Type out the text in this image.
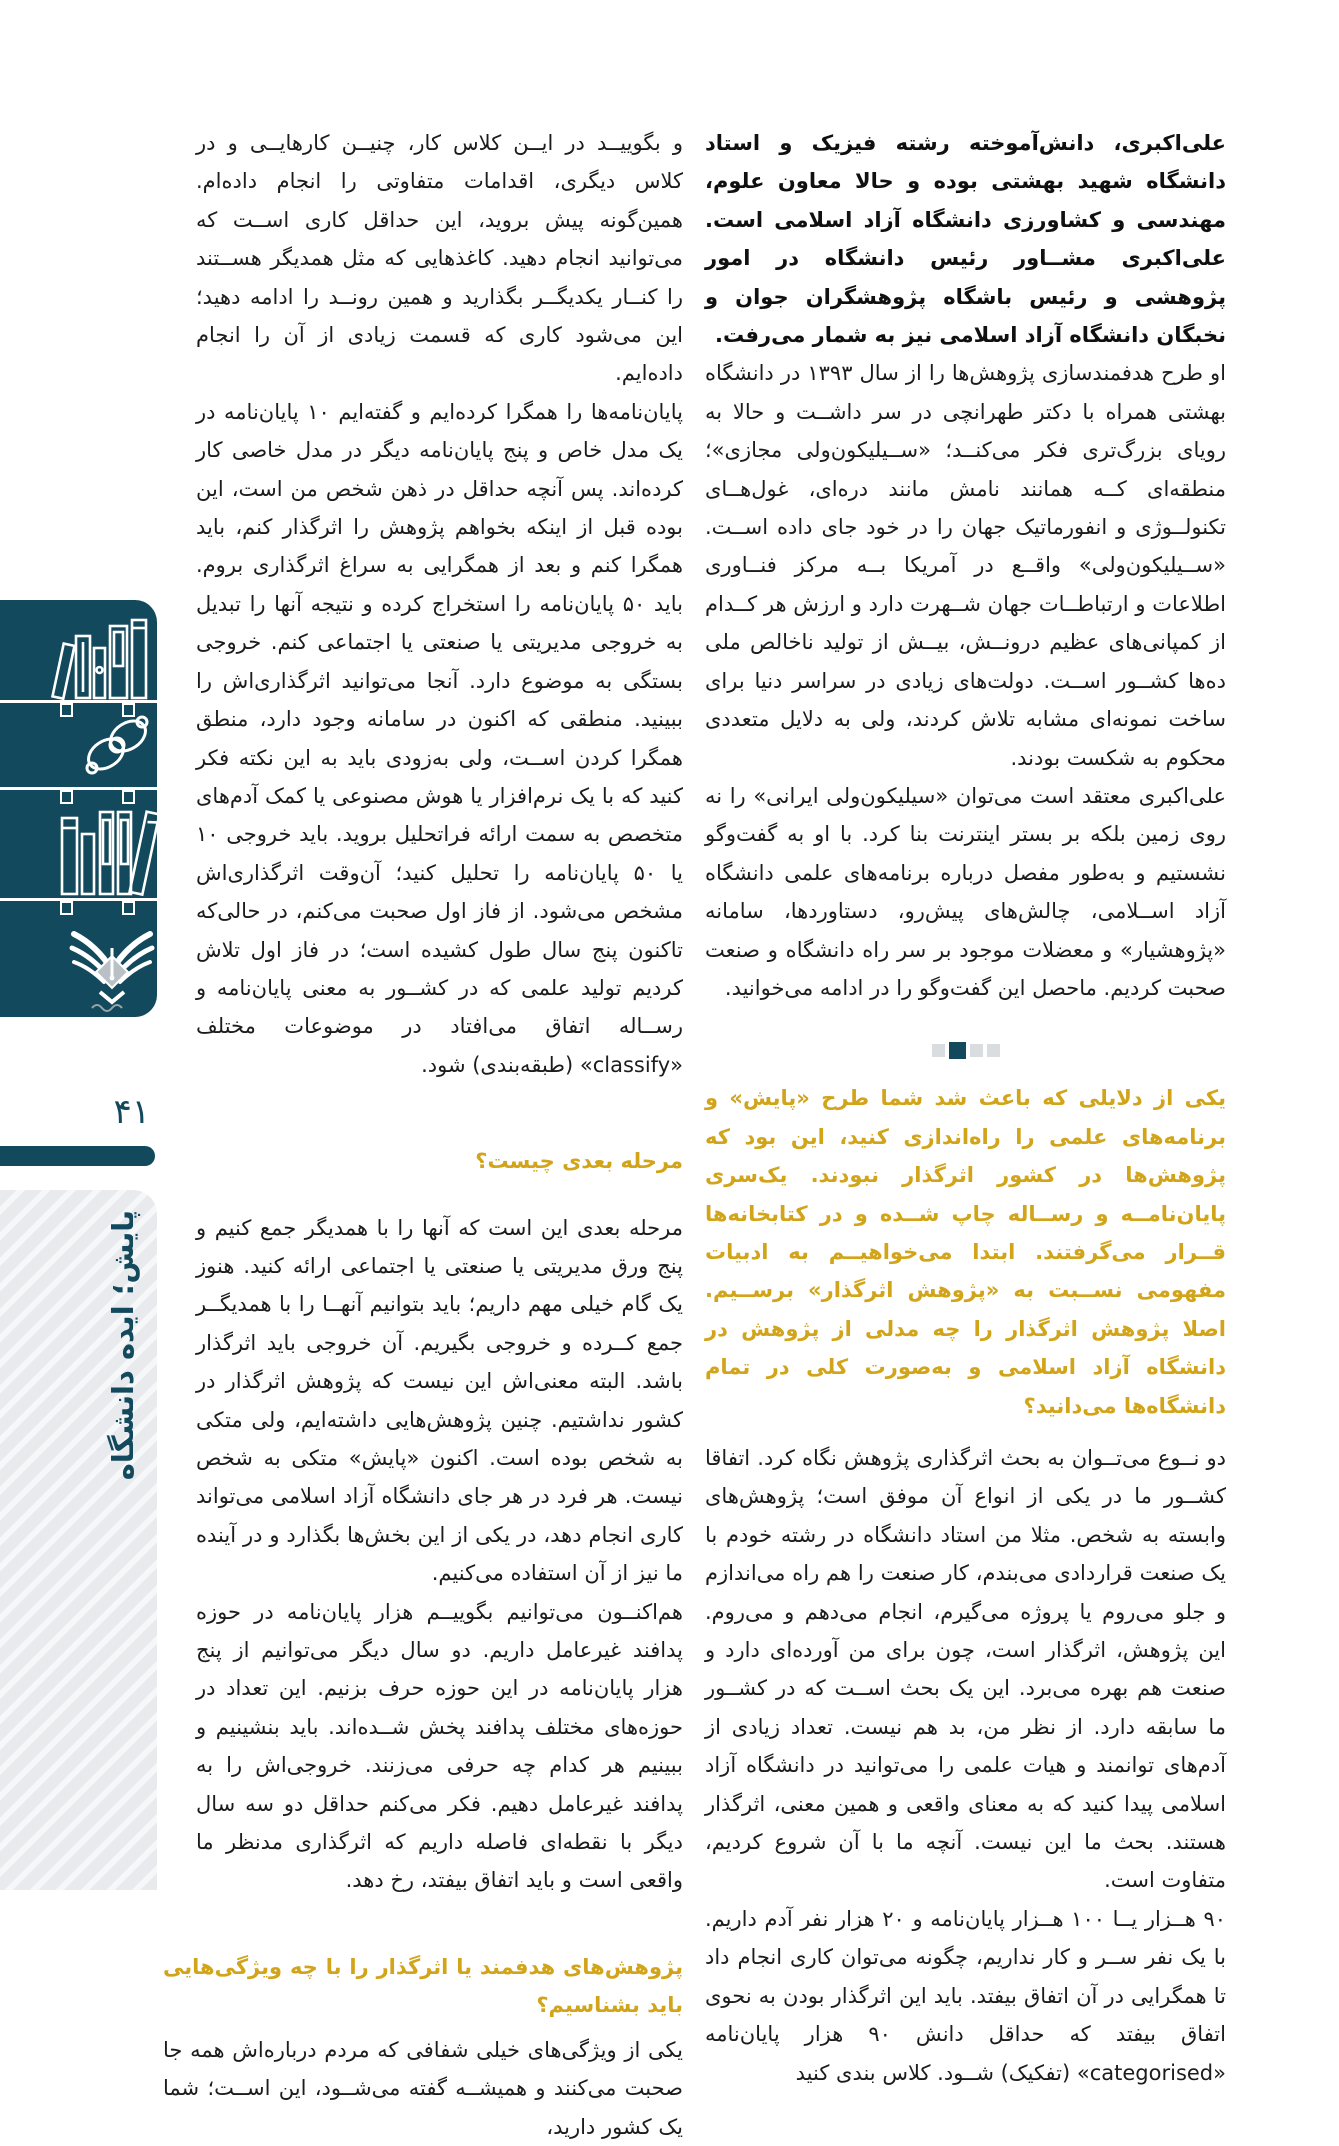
و بگوییــد در ایــن کلاس کار، چنیــن کارهایــی و در کلاس دیگری، اقدامات متفاوتی را انجام داده‌ام. همین‌گونه پیش بروید، این حداقل کاری اســت که می‌توانید انجام دهید. کاغذهایی که مثل همدیگر هســتند را کنــار یکدیگــر بگذارید و همین رونــد را ادامه دهید؛ این می‌شود کاری که قسمت زیادی از آن را انجام داده‌ایم.

پایان‌نامه‌ها را همگرا کرده‌ایم و گفته‌ایم ۱۰ پایان‌نامه در یک مدل خاص و پنج پایان‌نامه دیگر در مدل خاصی کار کرده‌اند. پس آنچه حداقل در ذهن شخص من است، این بوده قبل از اینکه بخواهم پژوهش را اثرگذار کنم، باید همگرا کنم و بعد از همگرایی به سراغ اثرگذاری بروم. باید ۵۰ پایان‌نامه را استخراج کرده و نتیجه آنها را تبدیل به خروجی مدیریتی یا صنعتی یا اجتماعی کنم. خروجی بستگی به موضوع دارد. آنجا می‌توانید اثرگذاری‌اش را ببینید. منطقی که اکنون در سامانه وجود دارد، منطق همگرا کردن اســت، ولی به‌زودی باید به این نکته فکر کنید که با یک نرم‌افزار یا هوش مصنوعی یا کمک آدم‌های متخصص به سمت ارائه فراتحلیل بروید. باید خروجی ۱۰ یا ۵۰ پایان‌نامه را تحلیل کنید؛ آن‌وقت اثرگذاری‌اش مشخص می‌شود. از فاز اول صحبت می‌کنم، در حالی‌که تاکنون پنج سال طول کشیده است؛ در فاز اول تلاش کردیم تولید علمی که در کشــور به معنی پایان‌نامه و رســاله اتفاق می‌افتاد در موضوعات مختلف «classify» (طبقه‌بندی) شود.

مرحله بعدی چیست؟

مرحله بعدی این است که آنها را با همدیگر جمع کنیم و پنج ورق مدیریتی یا صنعتی یا اجتماعی ارائه کنید. هنوز یک گام خیلی مهم داریم؛ باید بتوانیم آنهــا را با همدیگــر جمع کــرده و خروجی بگیریم. آن خروجی باید اثرگذار باشد. البته معنی‌اش این نیست که پژوهش اثرگذار در کشور نداشتیم. چنین پژوهش‌هایی داشته‌ایم، ولی متکی به شخص بوده است. اکنون «پایش» متکی به شخص نیست. هر فرد در هر جای دانشگاه آزاد اسلامی می‌تواند کاری انجام دهد، در یکی از این بخش‌ها بگذارد و در آینده ما نیز از آن استفاده می‌کنیم.

هم‌اکنــون می‌توانیم بگوییــم هزار پایان‌نامه در حوزه پدافند غیرعامل داریم. دو سال دیگر می‌توانیم از پنج هزار پایان‌نامه در این حوزه حرف بزنیم. این تعداد در حوزه‌های مختلف پدافند پخش شــده‌اند. باید بنشینیم و ببینیم هر کدام چه حرفی می‌زنند. خروجی‌اش را به پدافند غیرعامل دهیم. فکر می‌کنم حداقل دو سه سال دیگر با نقطه‌ای فاصله داریم که اثرگذاری مدنظر ما واقعی است و باید اتفاق بیفتد، رخ دهد.

پژوهش‌های هدفمند یا اثرگذار را با چه ویژگی‌هایی باید بشناسیم؟

یکی از ویژگی‌های خیلی شفافی که مردم درباره‌اش همه جا صحبت می‌کنند و همیشــه گفته می‌شــود، این اســت؛ شما یک کشور دارید،

علی‌اکبری، دانش‌آموخته رشته فیزیک و استاد دانشگاه شهید بهشتی بوده و حالا معاون علوم، مهندسی و کشاورزی دانشگاه آزاد اسلامی است. علی‌اکبری مشــاور رئیس دانشگاه در امور پژوهشی و رئیس باشگاه پژوهشگران جوان و نخبگان دانشگاه آزاد اسلامی نیز به شمار می‌رفت.

او طرح هدفمندسازی پژوهش‌ها را از سال ۱۳۹۳ در دانشگاه بهشتی همراه با دکتر طهرانچی در سر داشــت و حالا به رویای بزرگ‌تری فکر می‌کنــد؛ «ســیلیکون‌ولی مجازی»؛ منطقه‌ای کــه همانند نامش مانند دره‌ای، غول‌هــای تکنولــوژی و انفورماتیک جهان را در خود جای داده اســت. «ســیلیکون‌ولی» واقــع در آمریکا بــه مرکز فنــاوری اطلاعات و ارتباطــات جهان شــهرت دارد و ارزش هر کــدام از کمپانی‌های عظیم درونــش، بیــش از تولید ناخالص ملی ده‌ها کشــور اســت. دولت‌های زیادی در سراسر دنیا برای ساخت نمونه‌ای مشابه تلاش کردند، ولی به دلایل متعددی محکوم به شکست بودند.

علی‌اکبری معتقد است می‌توان «سیلیکون‌ولی ایرانی» را نه روی زمین بلکه بر بستر اینترنت بنا کرد. با او به گفت‌وگو نشستیم و به‌طور مفصل درباره برنامه‌های علمی دانشگاه آزاد اســلامی، چالش‌های پیش‌رو، دستاوردها، سامانه «پژوهشیار» و معضلات موجود بر سر راه دانشگاه و صنعت صحبت کردیم. ماحصل این گفت‌وگو را در ادامه می‌خوانید.

یکی از دلایلی که باعث شد شما طرح «پایش» و برنامه‌های علمی را راه‌اندازی کنید، این بود که پژوهش‌ها در کشور اثرگذار نبودند. یک‌سری پایان‌نامــه و رســاله چاپ شــده و در کتابخانه‌ها قــرار می‌گرفتند. ابتدا می‌خواهیــم به ادبیات مفهومی نســبت به «پژوهش اثرگذار» برســیم. اصلا پژوهش اثرگذار را چه مدلی از پژوهش در دانشگاه آزاد اسلامی و به‌صورت کلی در تمام دانشگاه‌ها می‌دانید؟

دو نــوع می‌تــوان به بحث اثرگذاری پژوهش نگاه کرد. اتفاقا کشــور ما در یکی از انواع آن موفق است؛ پژوهش‌های وابسته به شخص. مثلا من استاد دانشگاه در رشته خودم با یک صنعت قراردادی می‌بندم، کار صنعت را هم راه می‌اندازم و جلو می‌روم یا پروژه می‌گیرم، انجام می‌دهم و می‌روم. این پژوهش، اثرگذار است، چون برای من آورده‌ای دارد و صنعت هم بهره می‌برد. این یک بحث اســت که در کشــور ما سابقه دارد. از نظر من، بد هم نیست. تعداد زیادی از آدم‌های توانمند و هیات علمی را می‌توانید در دانشگاه آزاد اسلامی پیدا کنید که به معنای واقعی و همین معنی، اثرگذار هستند. بحث ما این نیست. آنچه ما با آن شروع کردیم، متفاوت است.

۹۰ هــزار یــا ۱۰۰ هــزار پایان‌نامه و ۲۰ هزار نفر آدم داریم. با یک نفر ســر و کار نداریم، چگونه می‌توان کاری انجام داد تا همگرایی در آن اتفاق بیفتد. باید این اثرگذار بودن به نحوی اتفاق بیفتد که حداقل دانش ۹۰ هزار پایان‌نامه «categorised» (تفکیک) شــود. کلاس بندی کنید

۴۱
پایش؛ ایده دانشگاه
